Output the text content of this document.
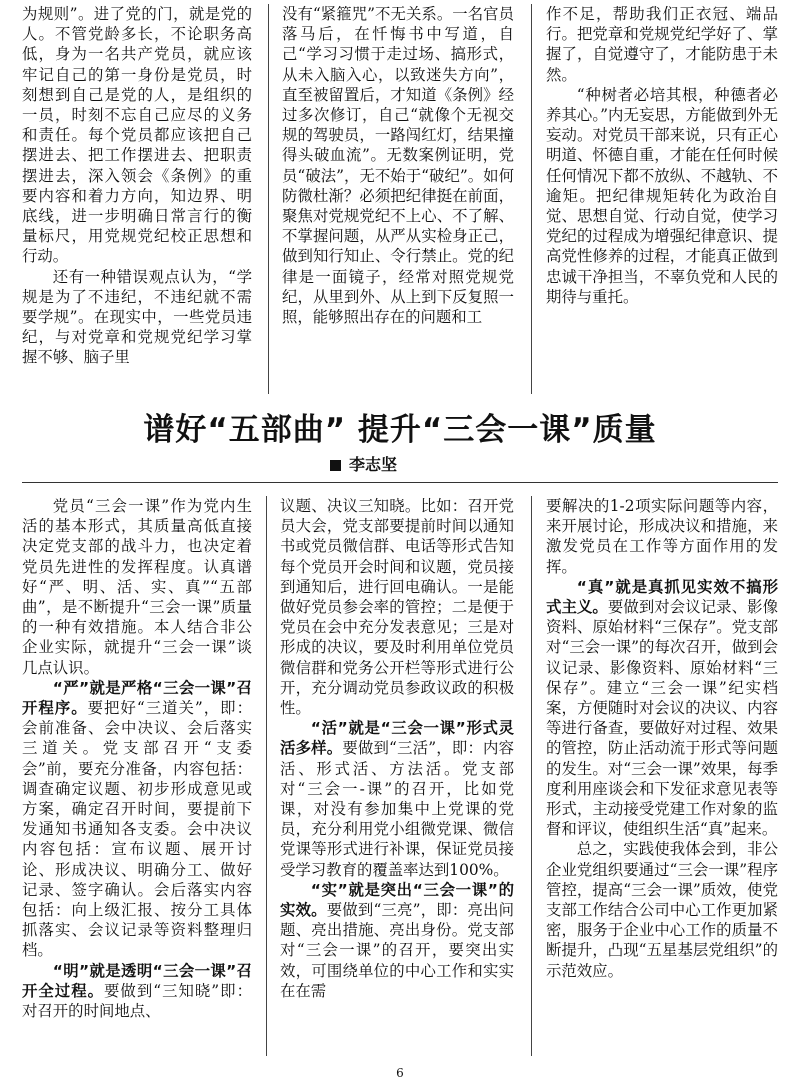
为规则”。进了党的门，就是党的人。不管党龄多长，不论职务高低，身为一名共产党员，就应该牢记自己的第一身份是党员，时刻想到自己是党的人，是组织的一员，时刻不忘自己应尽的义务和责任。每个党员都应该把自己摆进去、把工作摆进去、把职责摆进去，深入领会《条例》的重要内容和着力方向，知边界、明底线，进一步明确日常言行的衡量标尺，用党规党纪校正思想和行动。

还有一种错误观点认为，“学规是为了不违纪，不违纪就不需要学规”。在现实中，一些党员违纪，与对党章和党规党纪学习掌握不够、脑子里

没有“紧箍咒”不无关系。一名官员落马后，在忏悔书中写道，自己“学习习惯于走过场、搞形式，从未入脑入心，以致迷失方向”，直至被留置后，才知道《条例》经过多次修订，自己“就像个无视交规的驾驶员，一路闯红灯，结果撞得头破血流”。无数案例证明，党员“破法”，无不始于“破纪”。如何防微杜渐？必须把纪律挺在前面，聚焦对党规党纪不上心、不了解、不掌握问题，从严从实检身正己，做到知行知止、令行禁止。党的纪律是一面镜子，经常对照党规党纪，从里到外、从上到下反复照一照，能够照出存在的问题和工

作不足，帮助我们正衣冠、端品行。把党章和党规党纪学好了、掌握了，自觉遵守了，才能防患于未然。

“种树者必培其根，种德者必养其心。”内无妄思，方能做到外无妄动。对党员干部来说，只有正心明道、怀德自重，才能在任何时候任何情况下都不放纵、不越轨、不逾矩。把纪律规矩转化为政治自觉、思想自觉、行动自觉，使学习党纪的过程成为增强纪律意识、提高党性修养的过程，才能真正做到忠诚干净担当，不辜负党和人民的期待与重托。

谱好“五部曲” 提升“三会一课”质量
李志坚

党员“三会一课”作为党内生活的基本形式，其质量高低直接决定党支部的战斗力，也决定着党员先进性的发挥程度。认真谱好“严、明、活、实、真”“五部曲”，是不断提升“三会一课”质量的一种有效措施。本人结合非公企业实际，就提升“三会一课”谈几点认识。

“严”就是严格“三会一课”召开程序。要把好“三道关”，即：会前准备、会中决议、会后落实三道关。党支部召开“支委会”前，要充分准备，内容包括：调查确定议题、初步形成意见或方案，确定召开时间，要提前下发通知书通知各支委。会中决议内容包括：宣布议题、展开讨论、形成决议、明确分工、做好记录、签字确认。会后落实内容包括：向上级汇报、按分工具体抓落实、会议记录等资料整理归档。

“明”就是透明“三会一课”召开全过程。要做到“三知晓”即：对召开的时间地点、

议题、决议三知晓。比如：召开党员大会，党支部要提前时间以通知书或党员微信群、电话等形式告知每个党员开会时间和议题，党员接到通知后，进行回电确认。一是能做好党员参会率的管控；二是便于党员在会中充分发表意见；三是对形成的决议，要及时利用单位党员微信群和党务公开栏等形式进行公开，充分调动党员参政议政的积极性。

“活”就是“三会一课”形式灵活多样。要做到“三活”，即：内容活、形式活、方法活。党支部对“三会一-课”的召开，比如党课，对没有参加集中上党课的党员，充分利用党小组微党课、微信党课等形式进行补课，保证党员接受学习教育的覆盖率达到100%。

“实”就是突出“三会一课”的实效。要做到“三亮”，即：亮出问题、亮出措施、亮出身份。党支部对“三会一课”的召开，要突出实效，可围绕单位的中心工作和实实在在需

要解决的1-2项实际问题等内容，来开展讨论，形成决议和措施，来激发党员在工作等方面作用的发挥。

“真”就是真抓见实效不搞形式主义。要做到对会议记录、影像资料、原始材料“三保存”。党支部对“三会一课”的每次召开，做到会议记录、影像资料、原始材料“三保存”。建立“三会一课”纪实档案，方便随时对会议的决议、内容等进行备查，要做好对过程、效果的管控，防止活动流于形式等问题的发生。对“三会一课”效果，每季度利用座谈会和下发征求意见表等形式，主动接受党建工作对象的监督和评议，使组织生活“真”起来。

总之，实践使我体会到，非公企业党组织要通过“三会一课”程序管控，提高“三会一课”质效，使党支部工作结合公司中心工作更加紧密，服务于企业中心工作的质量不断提升，凸现“五星基层党组织”的示范效应。

6
